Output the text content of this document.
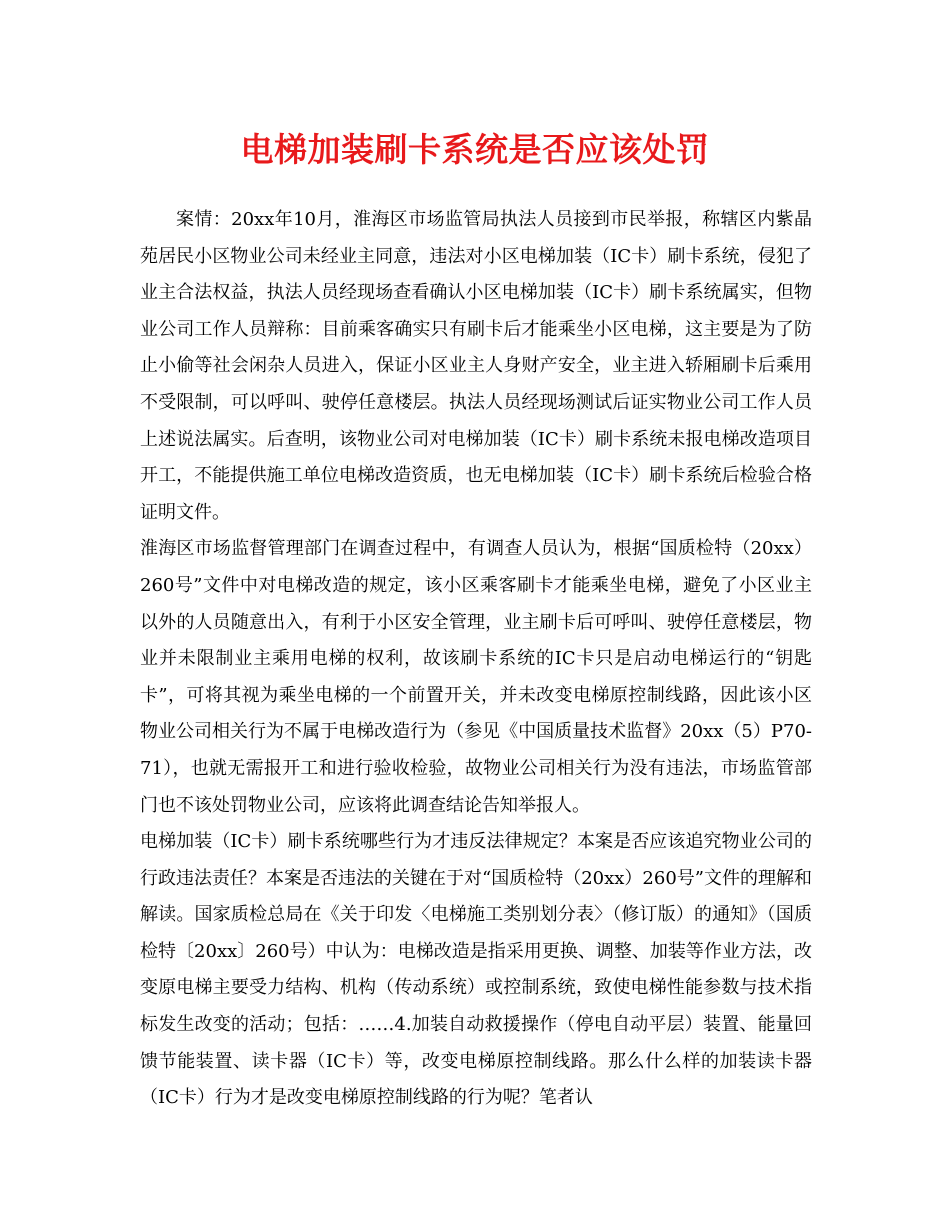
电梯加装刷卡系统是否应该处罚

案情：20xx年10月，淮海区市场监管局执法人员接到市民举报，称辖区内紫晶苑居民小区物业公司未经业主同意，违法对小区电梯加装（IC卡）刷卡系统，侵犯了业主合法权益，执法人员经现场查看确认小区电梯加装（IC卡）刷卡系统属实，但物业公司工作人员辩称：目前乘客确实只有刷卡后才能乘坐小区电梯，这主要是为了防止小偷等社会闲杂人员进入，保证小区业主人身财产安全，业主进入轿厢刷卡后乘用不受限制，可以呼叫、驶停任意楼层。执法人员经现场测试后证实物业公司工作人员上述说法属实。后查明，该物业公司对电梯加装（IC卡）刷卡系统未报电梯改造项目开工，不能提供施工单位电梯改造资质，也无电梯加装（IC卡）刷卡系统后检验合格证明文件。

淮海区市场监督管理部门在调查过程中，有调查人员认为，根据“国质检特（20xx）260号”文件中对电梯改造的规定，该小区乘客刷卡才能乘坐电梯，避免了小区业主以外的人员随意出入，有利于小区安全管理，业主刷卡后可呼叫、驶停任意楼层，物业并未限制业主乘用电梯的权利，故该刷卡系统的IC卡只是启动电梯运行的“钥匙卡”，可将其视为乘坐电梯的一个前置开关，并未改变电梯原控制线路，因此该小区物业公司相关行为不属于电梯改造行为（参见《中国质量技术监督》20xx（5）P70-71），也就无需报开工和进行验收检验，故物业公司相关行为没有违法，市场监管部门也不该处罚物业公司，应该将此调查结论告知举报人。

电梯加装（IC卡）刷卡系统哪些行为才违反法律规定？本案是否应该追究物业公司的行政违法责任？本案是否违法的关键在于对“国质检特（20xx）260号”文件的理解和解读。国家质检总局在《关于印发〈电梯施工类别划分表〉（修订版）的通知》（国质检特〔20xx〕260号）中认为：电梯改造是指采用更换、调整、加装等作业方法，改变原电梯主要受力结构、机构（传动系统）或控制系统，致使电梯性能参数与技术指标发生改变的活动；包括：……4.加装自动救援操作（停电自动平层）装置、能量回馈节能装置、读卡器（IC卡）等，改变电梯原控制线路。那么什么样的加装读卡器（IC卡）行为才是改变电梯原控制线路的行为呢？笔者认
